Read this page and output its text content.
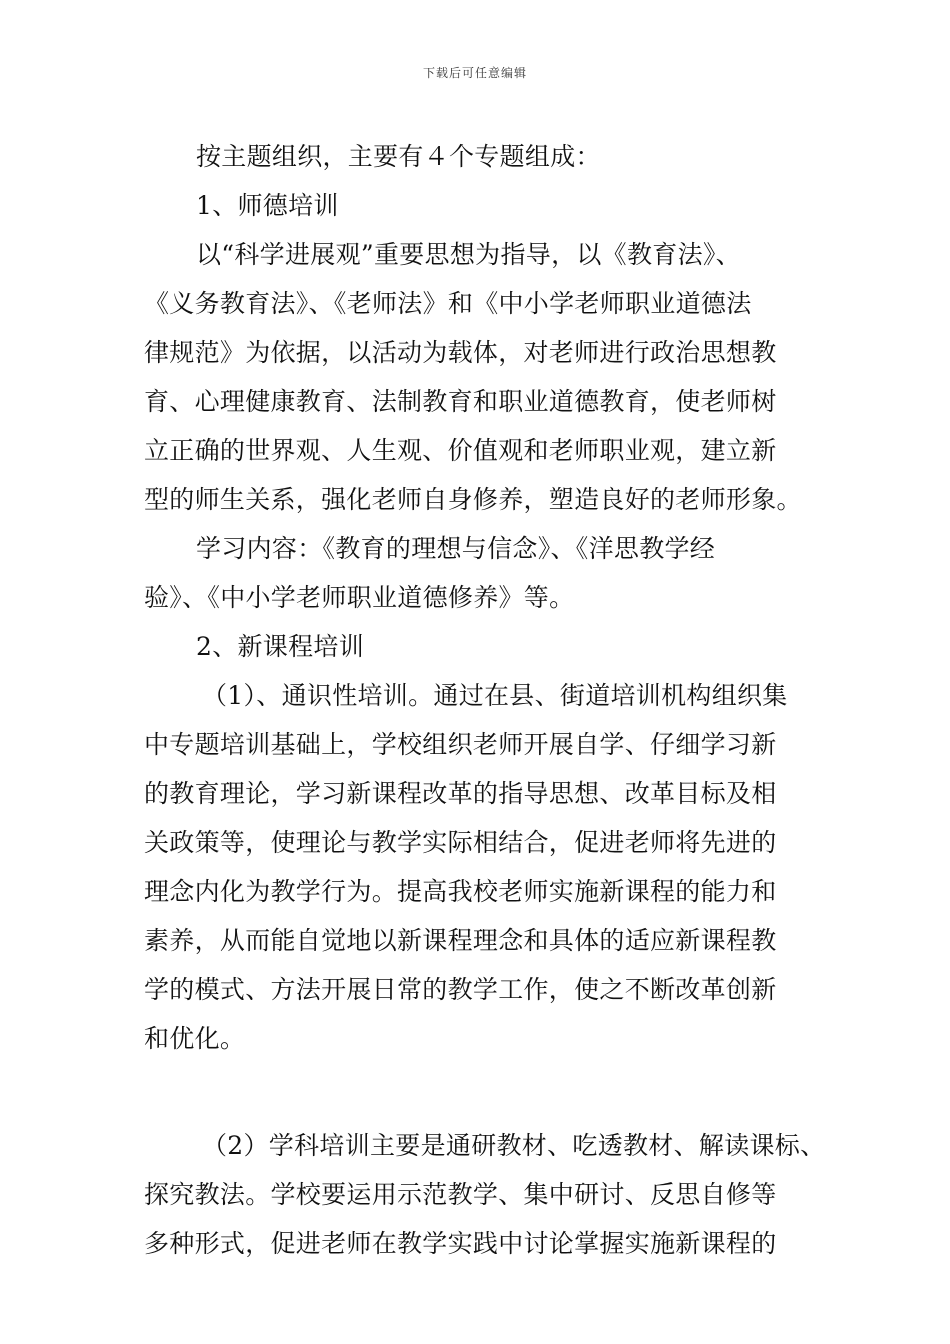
下载后可任意编辑
按主题组织，主要有４个专题组成：
1、师德培训
以“科学进展观”重要思想为指导，以《教育法》、
《义务教育法》、《老师法》和《中小学老师职业道德法
律规范》为依据，以活动为载体，对老师进行政治思想教
育、心理健康教育、法制教育和职业道德教育，使老师树
立正确的世界观、人生观、价值观和老师职业观，建立新
型的师生关系，强化老师自身修养，塑造良好的老师形象。
学习内容：《教育的理想与信念》、《洋思教学经
验》、《中小学老师职业道德修养》等。
2、新课程培训
（1）、通识性培训。通过在县、街道培训机构组织集
中专题培训基础上，学校组织老师开展自学、仔细学习新
的教育理论，学习新课程改革的指导思想、改革目标及相
关政策等，使理论与教学实际相结合，促进老师将先进的
理念内化为教学行为。提高我校老师实施新课程的能力和
素养，从而能自觉地以新课程理念和具体的适应新课程教
学的模式、方法开展日常的教学工作，使之不断改革创新
和优化。
（2）学科培训主要是通研教材、吃透教材、解读课标、
探究教法。学校要运用示范教学、集中研讨、反思自修等
多种形式，促进老师在教学实践中讨论掌握实施新课程的
